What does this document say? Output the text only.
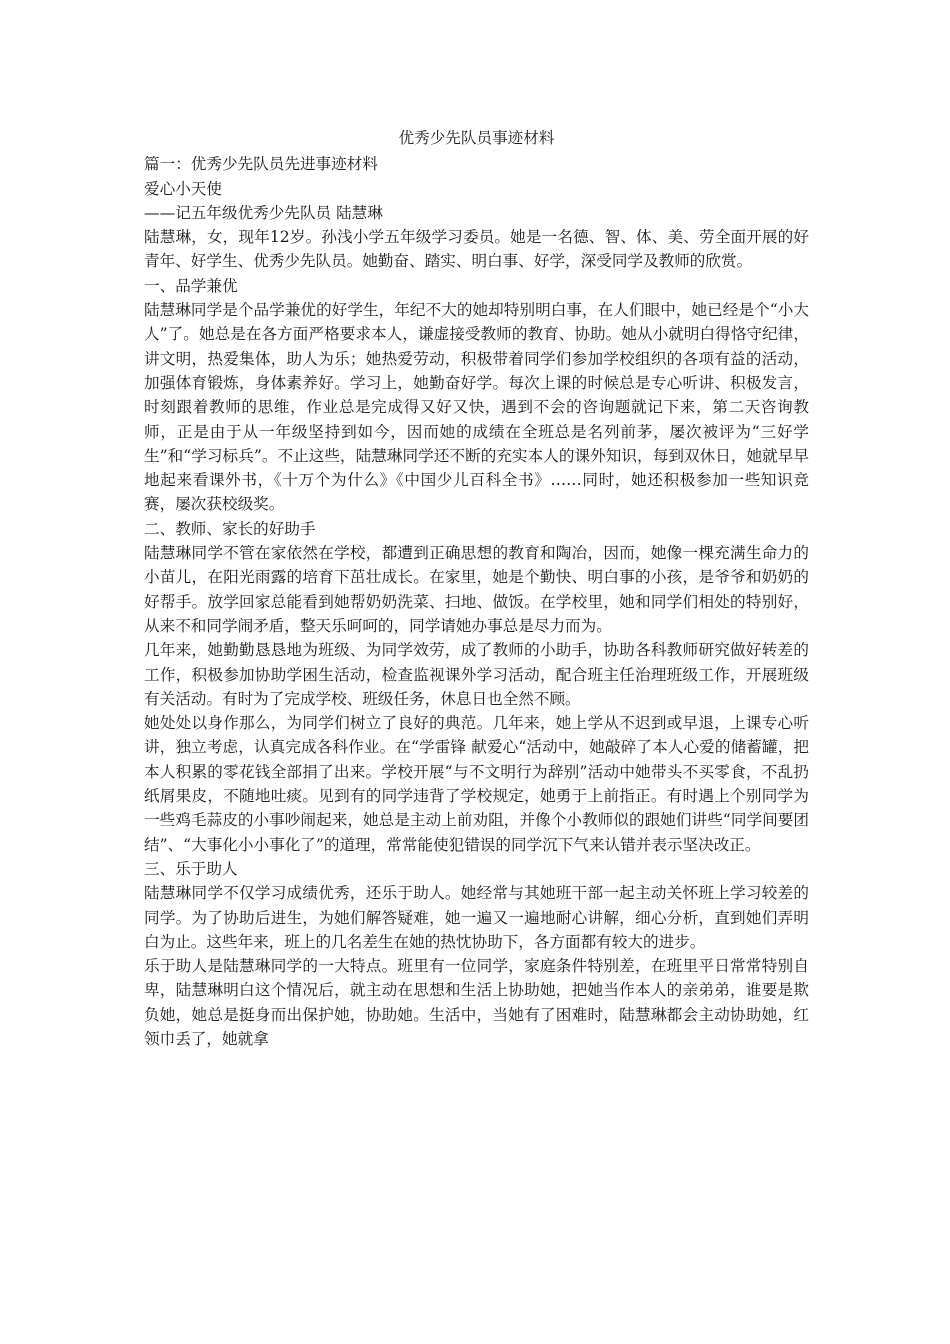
优秀少先队员事迹材料

篇一：优秀少先队员先进事迹材料

爱心小天使

——记五年级优秀少先队员 陆慧琳

陆慧琳，女，现年12岁。孙浅小学五年级学习委员。她是一名德、智、体、美、劳全面开展的好青年、好学生、优秀少先队员。她勤奋、踏实、明白事、好学，深受同学及教师的欣赏。

一、品学兼优

陆慧琳同学是个品学兼优的好学生，年纪不大的她却特别明白事，在人们眼中，她已经是个“小大人”了。她总是在各方面严格要求本人，谦虚接受教师的教育、协助。她从小就明白得恪守纪律，讲文明，热爱集体，助人为乐；她热爱劳动，积极带着同学们参加学校组织的各项有益的活动，加强体育锻炼，身体素养好。学习上，她勤奋好学。每次上课的时候总是专心听讲、积极发言，时刻跟着教师的思维，作业总是完成得又好又快，遇到不会的咨询题就记下来，第二天咨询教师，正是由于从一年级坚持到如今，因而她的成绩在全班总是名列前茅，屡次被评为“三好学生”和“学习标兵”。不止这些，陆慧琳同学还不断的充实本人的课外知识，每到双休日，她就早早地起来看课外书，《十万个为什么》《中国少儿百科全书》……同时，她还积极参加一些知识竞赛，屡次获校级奖。

二、教师、家长的好助手

陆慧琳同学不管在家依然在学校，都遭到正确思想的教育和陶冶，因而，她像一棵充满生命力的小苗儿，在阳光雨露的培育下茁壮成长。在家里，她是个勤快、明白事的小孩，是爷爷和奶奶的好帮手。放学回家总能看到她帮奶奶洗菜、扫地、做饭。在学校里，她和同学们相处的特别好，从来不和同学闹矛盾，整天乐呵呵的，同学请她办事总是尽力而为。

几年来，她勤勤恳恳地为班级、为同学效劳，成了教师的小助手，协助各科教师研究做好转差的工作，积极参加协助学困生活动，检查监视课外学习活动，配合班主任治理班级工作，开展班级有关活动。有时为了完成学校、班级任务，休息日也全然不顾。

她处处以身作那么，为同学们树立了良好的典范。几年来，她上学从不迟到或早退，上课专心听讲，独立考虑，认真完成各科作业。在“学雷锋 献爱心“活动中，她敲碎了本人心爱的储蓄罐，把本人积累的零花钱全部捐了出来。学校开展“与不文明行为辞别”活动中她带头不买零食，不乱扔纸屑果皮，不随地吐痰。见到有的同学违背了学校规定，她勇于上前指正。有时遇上个别同学为一些鸡毛蒜皮的小事吵闹起来，她总是主动上前劝阻，并像个小教师似的跟她们讲些“同学间要团结”、“大事化小小事化了”的道理，常常能使犯错误的同学沉下气来认错并表示坚决改正。

三、乐于助人

陆慧琳同学不仅学习成绩优秀，还乐于助人。她经常与其她班干部一起主动关怀班上学习较差的同学。为了协助后进生，为她们解答疑难，她一遍又一遍地耐心讲解，细心分析，直到她们弄明白为止。这些年来，班上的几名差生在她的热忱协助下，各方面都有较大的进步。

乐于助人是陆慧琳同学的一大特点。班里有一位同学，家庭条件特别差，在班里平日常常特别自卑，陆慧琳明白这个情况后，就主动在思想和生活上协助她，把她当作本人的亲弟弟，谁要是欺负她，她总是挺身而出保护她，协助她。生活中，当她有了困难时，陆慧琳都会主动协助她，红领巾丢了，她就拿
